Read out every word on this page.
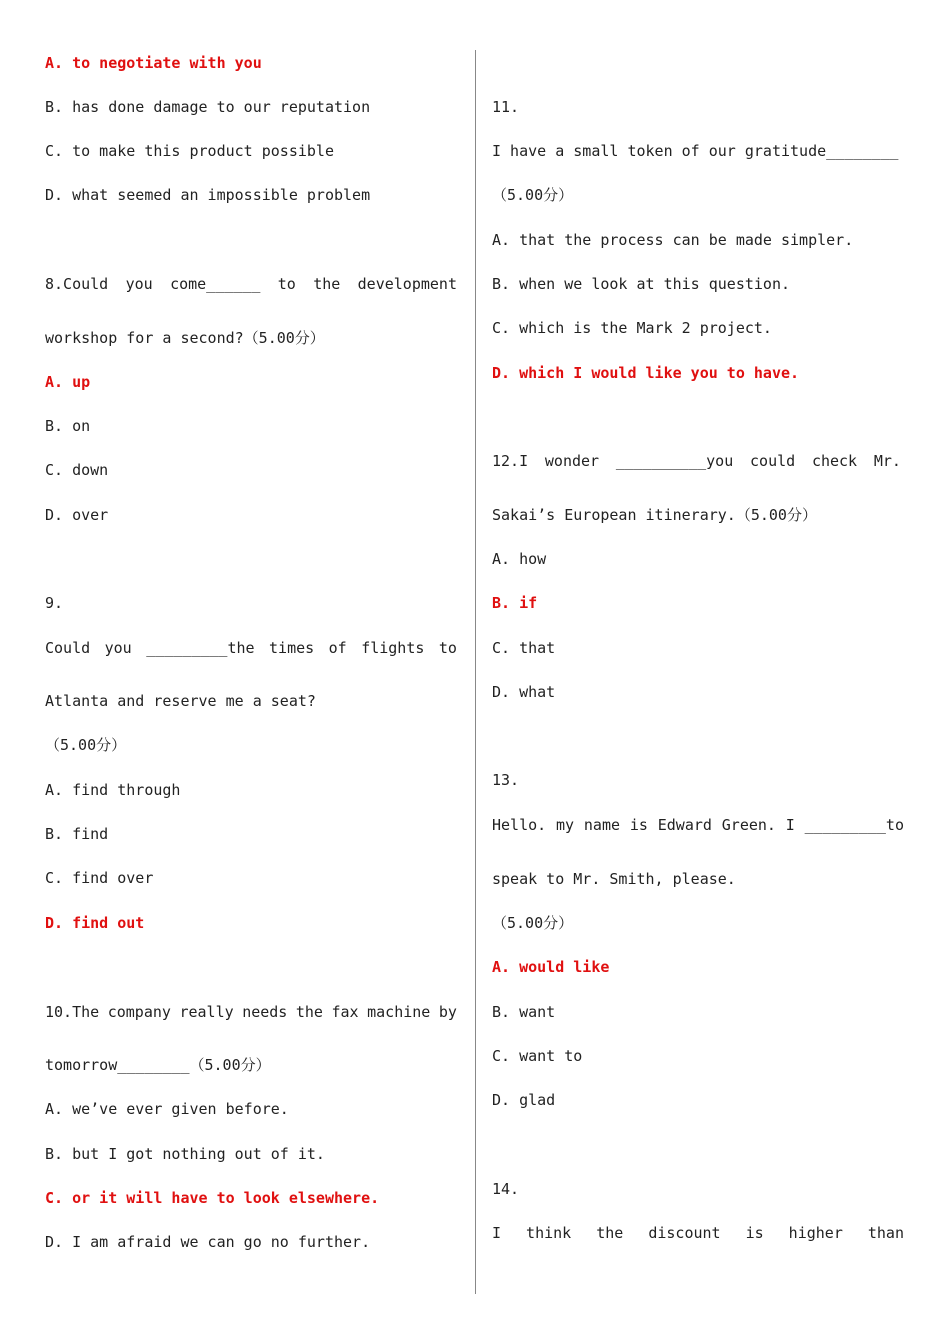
A. to negotiate with you
B. has done damage to our reputation
C. to make this product possible
D. what seemed an impossible problem
8.Could you come______ to the development
workshop for a second?（5.00分）
A. up
B. on
C. down
D. over
9.
Could you _________the times of flights to
Atlanta and reserve me a seat?
（5.00分）
A. find through
B. find
C. find over
D. find out
10.The company really needs the fax machine by
tomorrow________（5.00分）
A. we’ve ever given before.
B. but I got nothing out of it.
C. or it will have to look elsewhere.
D. I am afraid we can go no further.
11.
I have a small token of our gratitude________
（5.00分）
A. that the process can be made simpler.
B. when we look at this question.
C. which is the Mark 2 project.
D. which I would like you to have.
12.I wonder __________you could check Mr.
Sakai’s European itinerary.（5.00分）
A. how
B. if
C. that
D. what
13.
Hello. my name is Edward Green. I _________to
speak to Mr. Smith, please.
（5.00分）
A. would like
B. want
C. want to
D. glad
14.
I think the discount is higher than
